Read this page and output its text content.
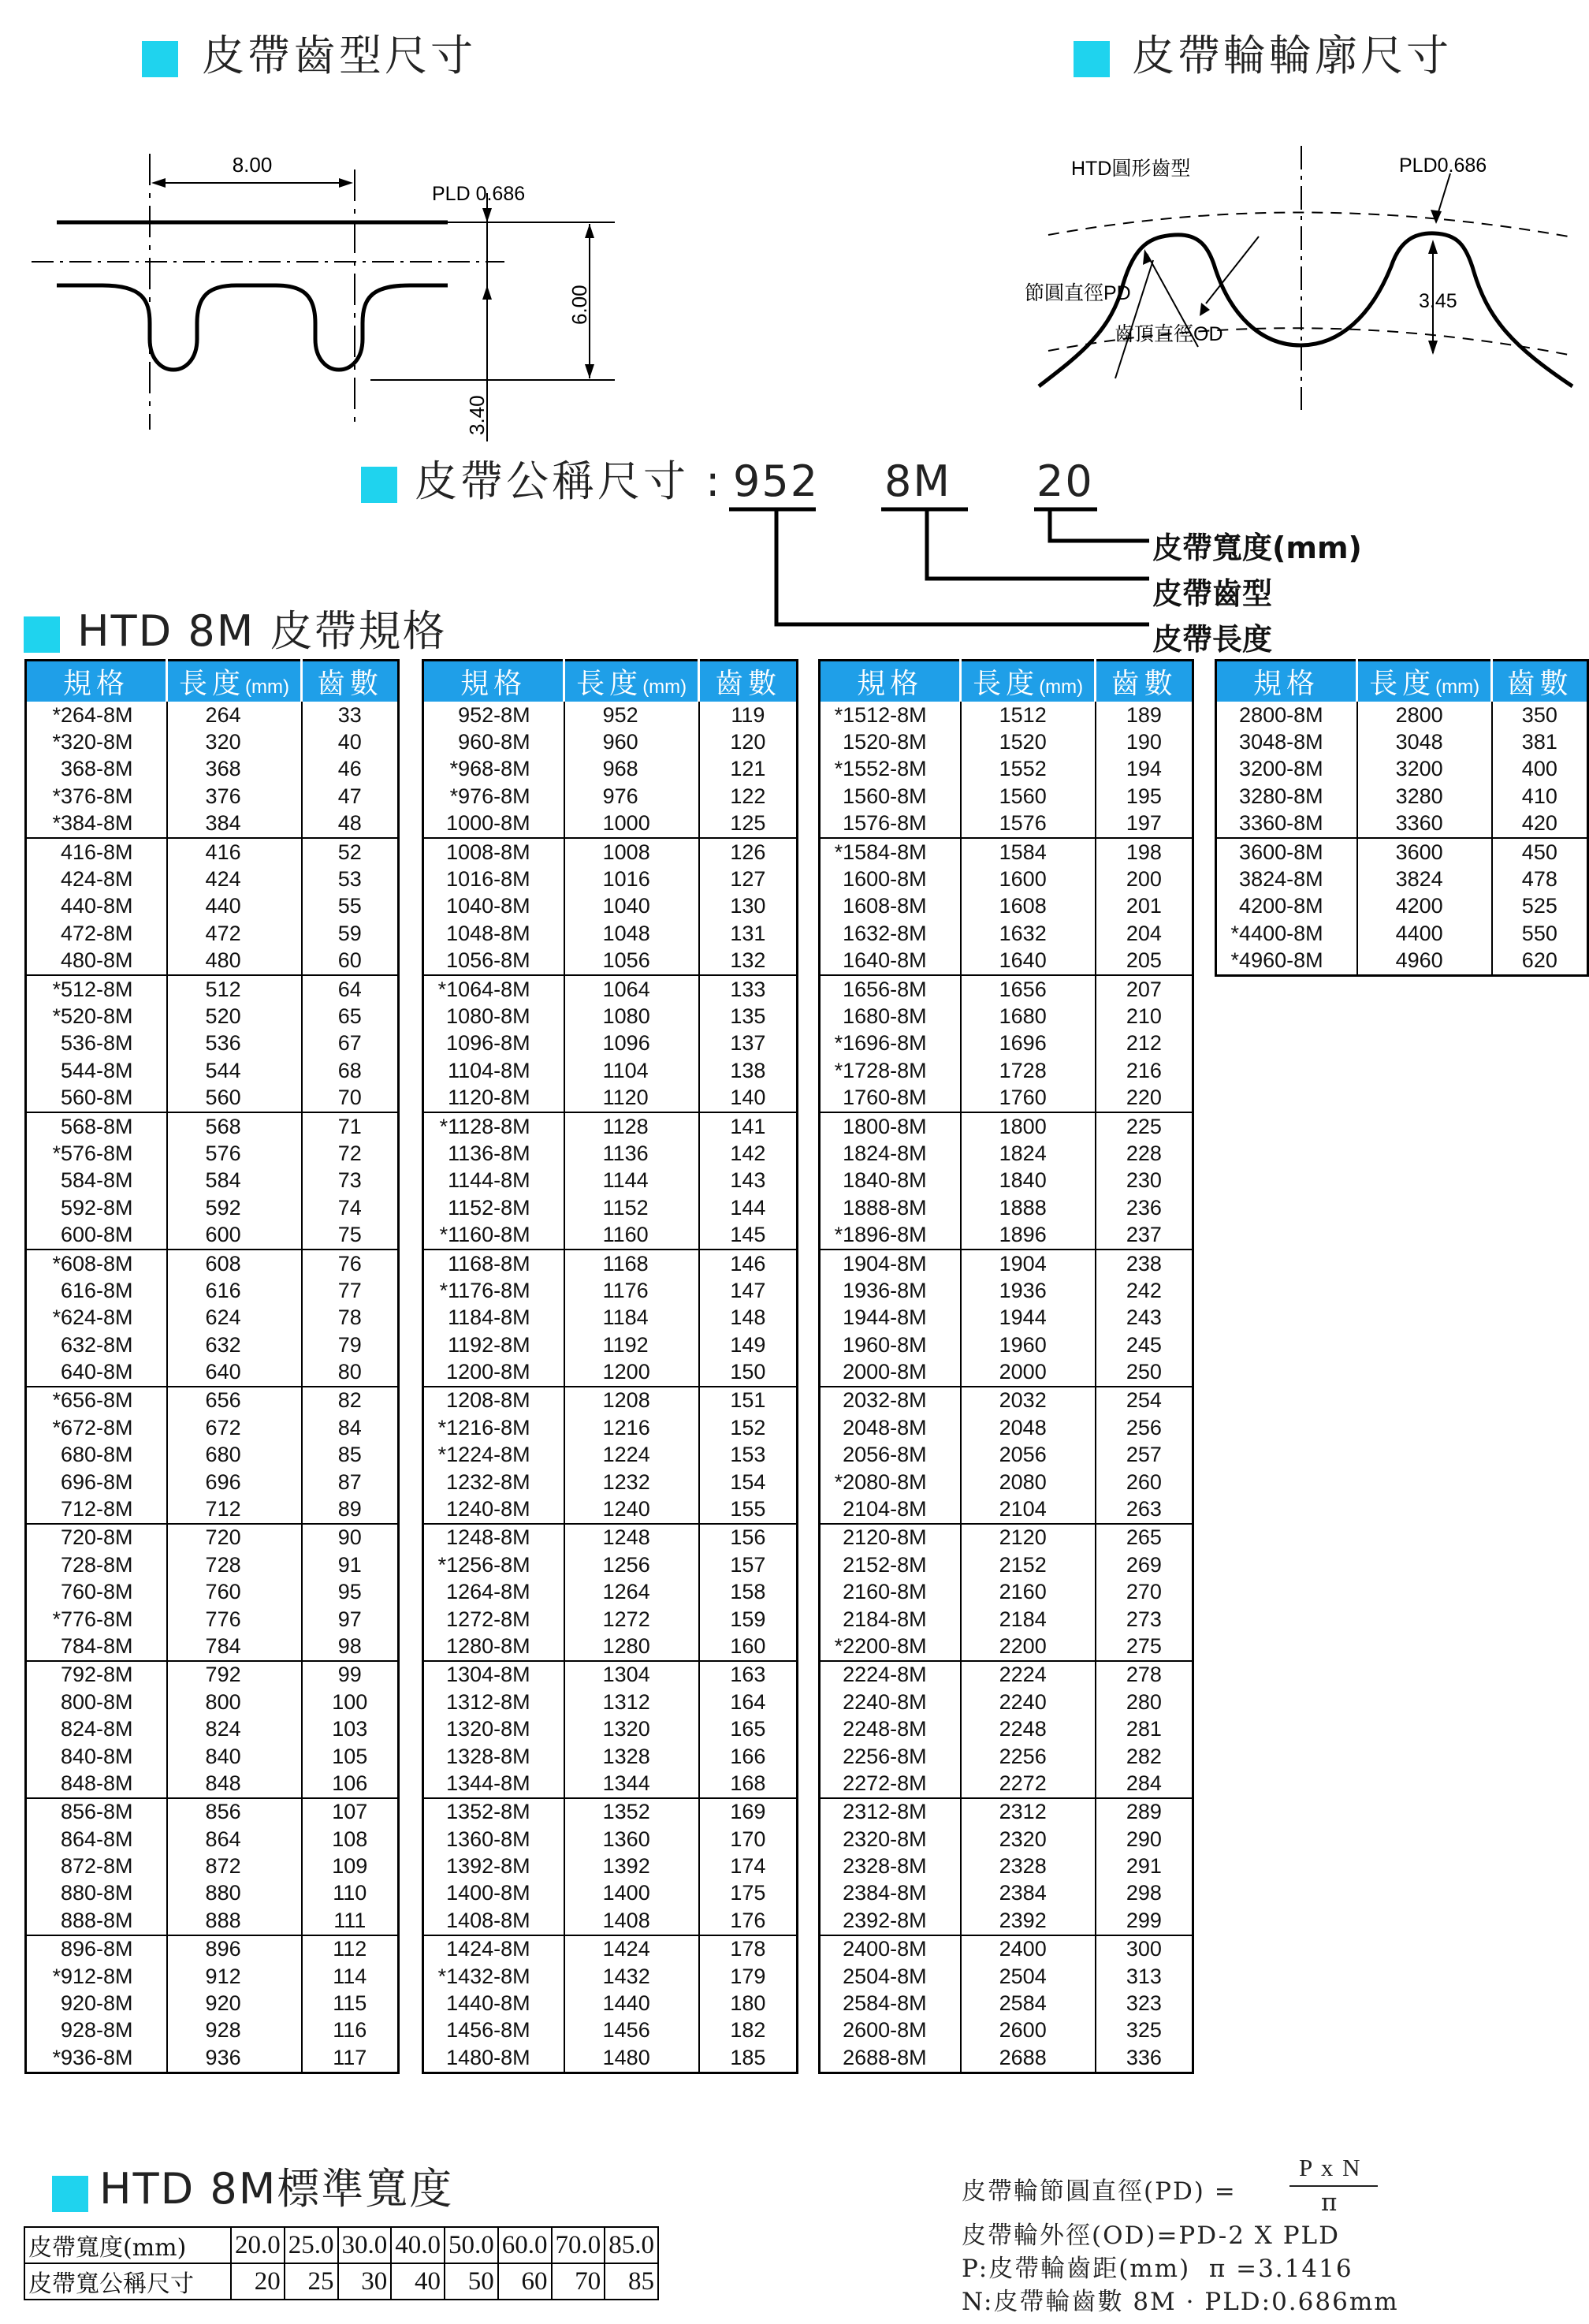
皮帶齒型尺寸	皮帶輪輪廓尺寸
8.00
PLD 0.686
6.00
3.40
HTD圓形齒型	PLD0.686
節圓直徑PD
齒頂直徑OD
3.45
皮帶公稱尺寸 : 952 8M 20
皮帶寬度(mm)
皮帶齒型
皮帶長度
HTD 8M 皮帶規格
規格	長度(mm)	齒數
*264-8M	264	33
*320-8M	320	40
368-8M	368	46
*376-8M	376	47
*384-8M	384	48
416-8M	416	52
424-8M	424	53
440-8M	440	55
472-8M	472	59
480-8M	480	60
*512-8M	512	64
*520-8M	520	65
536-8M	536	67
544-8M	544	68
560-8M	560	70
568-8M	568	71
*576-8M	576	72
584-8M	584	73
592-8M	592	74
600-8M	600	75
*608-8M	608	76
616-8M	616	77
*624-8M	624	78
632-8M	632	79
640-8M	640	80
*656-8M	656	82
*672-8M	672	84
680-8M	680	85
696-8M	696	87
712-8M	712	89
720-8M	720	90
728-8M	728	91
760-8M	760	95
*776-8M	776	97
784-8M	784	98
792-8M	792	99
800-8M	800	100
824-8M	824	103
840-8M	840	105
848-8M	848	106
856-8M	856	107
864-8M	864	108
872-8M	872	109
880-8M	880	110
888-8M	888	111
896-8M	896	112
*912-8M	912	114
920-8M	920	115
928-8M	928	116
*936-8M	936	117
規格	長度(mm)	齒數
952-8M	952	119
960-8M	960	120
*968-8M	968	121
*976-8M	976	122
1000-8M	1000	125
1008-8M	1008	126
1016-8M	1016	127
1040-8M	1040	130
1048-8M	1048	131
1056-8M	1056	132
*1064-8M	1064	133
1080-8M	1080	135
1096-8M	1096	137
1104-8M	1104	138
1120-8M	1120	140
*1128-8M	1128	141
1136-8M	1136	142
1144-8M	1144	143
1152-8M	1152	144
*1160-8M	1160	145
1168-8M	1168	146
*1176-8M	1176	147
1184-8M	1184	148
1192-8M	1192	149
1200-8M	1200	150
1208-8M	1208	151
*1216-8M	1216	152
*1224-8M	1224	153
1232-8M	1232	154
1240-8M	1240	155
1248-8M	1248	156
*1256-8M	1256	157
1264-8M	1264	158
1272-8M	1272	159
1280-8M	1280	160
1304-8M	1304	163
1312-8M	1312	164
1320-8M	1320	165
1328-8M	1328	166
1344-8M	1344	168
1352-8M	1352	169
1360-8M	1360	170
1392-8M	1392	174
1400-8M	1400	175
1408-8M	1408	176
1424-8M	1424	178
*1432-8M	1432	179
1440-8M	1440	180
1456-8M	1456	182
1480-8M	1480	185
規格	長度(mm)	齒數
*1512-8M	1512	189
1520-8M	1520	190
*1552-8M	1552	194
1560-8M	1560	195
1576-8M	1576	197
*1584-8M	1584	198
1600-8M	1600	200
1608-8M	1608	201
1632-8M	1632	204
1640-8M	1640	205
1656-8M	1656	207
1680-8M	1680	210
*1696-8M	1696	212
*1728-8M	1728	216
1760-8M	1760	220
1800-8M	1800	225
1824-8M	1824	228
1840-8M	1840	230
1888-8M	1888	236
*1896-8M	1896	237
1904-8M	1904	238
1936-8M	1936	242
1944-8M	1944	243
1960-8M	1960	245
2000-8M	2000	250
2032-8M	2032	254
2048-8M	2048	256
2056-8M	2056	257
*2080-8M	2080	260
2104-8M	2104	263
2120-8M	2120	265
2152-8M	2152	269
2160-8M	2160	270
2184-8M	2184	273
*2200-8M	2200	275
2224-8M	2224	278
2240-8M	2240	280
2248-8M	2248	281
2256-8M	2256	282
2272-8M	2272	284
2312-8M	2312	289
2320-8M	2320	290
2328-8M	2328	291
2384-8M	2384	298
2392-8M	2392	299
2400-8M	2400	300
2504-8M	2504	313
2584-8M	2584	323
2600-8M	2600	325
2688-8M	2688	336
規格	長度(mm)	齒數
2800-8M	2800	350
3048-8M	3048	381
3200-8M	3200	400
3280-8M	3280	410
3360-8M	3360	420
3600-8M	3600	450
3824-8M	3824	478
4200-8M	4200	525
*4400-8M	4400	550
*4960-8M	4960	620
HTD 8M標準寬度
皮帶寬度(mm)	20.0	25.0	30.0	40.0	50.0	60.0	70.0	85.0
皮帶寬公稱尺寸	20	25	30	40	50	60	70	85
皮帶輪節圓直徑(PD) =
P x N
π
皮帶輪外徑(OD)=PD-2 X PLD
P:皮帶輪齒距(mm)  π =3.1416
N:皮帶輪齒數 8M · PLD:0.686mm
